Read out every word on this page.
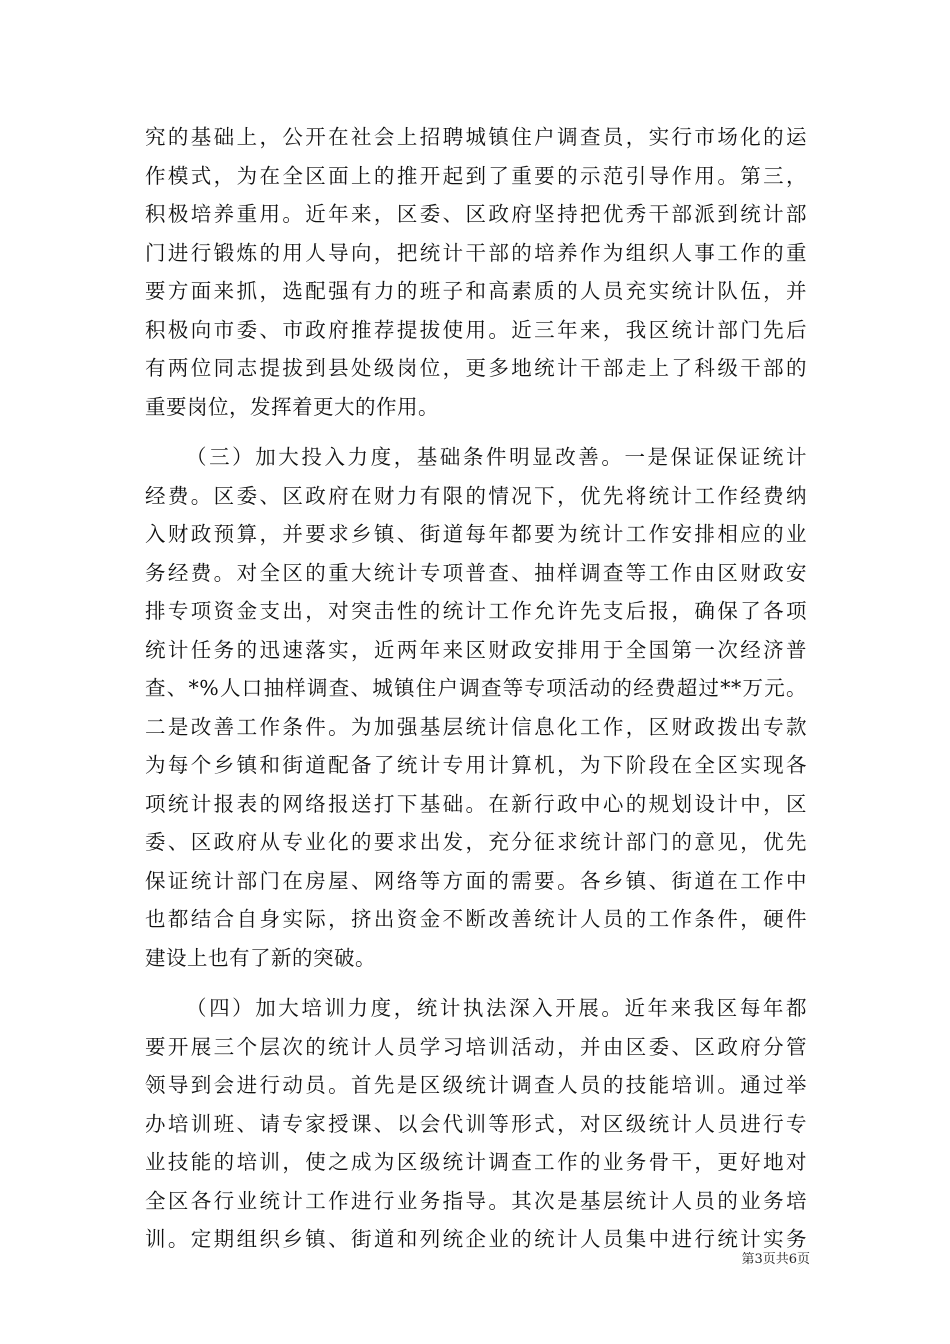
究的基础上，公开在社会上招聘城镇住户调查员，实行市场化的运
作模式，为在全区面上的推开起到了重要的示范引导作用。第三，
积极培养重用。近年来，区委、区政府坚持把优秀干部派到统计部
门进行锻炼的用人导向，把统计干部的培养作为组织人事工作的重
要方面来抓，选配强有力的班子和高素质的人员充实统计队伍，并
积极向市委、市政府推荐提拔使用。近三年来，我区统计部门先后
有两位同志提拔到县处级岗位，更多地统计干部走上了科级干部的
重要岗位，发挥着更大的作用。
（三）加大投入力度，基础条件明显改善。一是保证保证统计
经费。区委、区政府在财力有限的情况下，优先将统计工作经费纳
入财政预算，并要求乡镇、街道每年都要为统计工作安排相应的业
务经费。对全区的重大统计专项普查、抽样调查等工作由区财政安
排专项资金支出，对突击性的统计工作允许先支后报，确保了各项
统计任务的迅速落实，近两年来区财政安排用于全国第一次经济普
查、*%人口抽样调查、城镇住户调查等专项活动的经费超过**万元。
二是改善工作条件。为加强基层统计信息化工作，区财政拨出专款
为每个乡镇和街道配备了统计专用计算机，为下阶段在全区实现各
项统计报表的网络报送打下基础。在新行政中心的规划设计中，区
委、区政府从专业化的要求出发，充分征求统计部门的意见，优先
保证统计部门在房屋、网络等方面的需要。各乡镇、街道在工作中
也都结合自身实际，挤出资金不断改善统计人员的工作条件，硬件
建设上也有了新的突破。
（四）加大培训力度，统计执法深入开展。近年来我区每年都
要开展三个层次的统计人员学习培训活动，并由区委、区政府分管
领导到会进行动员。首先是区级统计调查人员的技能培训。通过举
办培训班、请专家授课、以会代训等形式，对区级统计人员进行专
业技能的培训，使之成为区级统计调查工作的业务骨干，更好地对
全区各行业统计工作进行业务指导。其次是基层统计人员的业务培
训。定期组织乡镇、街道和列统企业的统计人员集中进行统计实务
第3页共6页
